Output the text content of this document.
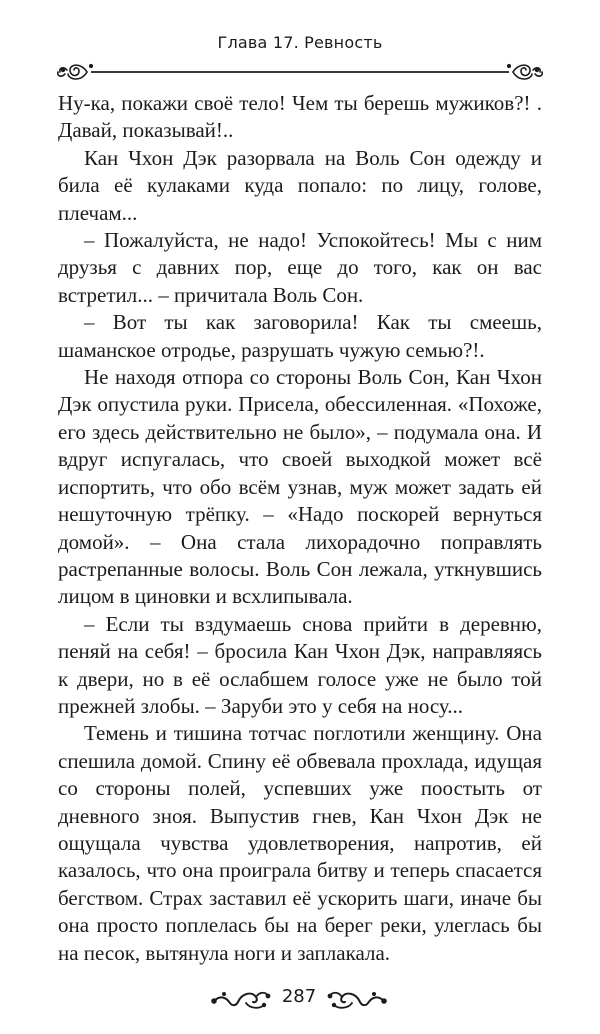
Глава 17. Ревность

Ну-ка, покажи своё тело! Чем ты берешь мужиков?! . Давай, показывай!..

Кан Чхон Дэк разорвала на Воль Сон одежду и била её кулаками куда попало: по лицу, голове, плечам...

– Пожалуйста, не надо! Успокойтесь! Мы с ним друзья с давних пор, еще до того, как он вас встретил... – причитала Воль Сон.

– Вот ты как заговорила! Как ты смеешь, шаманское отродье, разрушать чужую семью?!.

Не находя отпора со стороны Воль Сон, Кан Чхон Дэк опустила руки. Присела, обессиленная. «Похоже, его здесь действительно не было», – подумала она. И вдруг испугалась, что своей выходкой может всё испортить, что обо всём узнав, муж может задать ей нешуточную трёпку. – «Надо поскорей вернуться домой». – Она стала лихорадочно поправлять растрепанные волосы. Воль Сон лежала, уткнувшись лицом в циновки и всхлипывала.

– Если ты вздумаешь снова прийти в деревню, пеняй на себя! – бросила Кан Чхон Дэк, направляясь к двери, но в её ослабшем голосе уже не было той прежней злобы. – Заруби это у себя на носу...

Темень и тишина тотчас поглотили женщину. Она спешила домой. Спину её обвевала прохлада, идущая со стороны полей, успевших уже поостыть от дневного зноя. Выпустив гнев, Кан Чхон Дэк не ощущала чувства удовлетворения, напротив, ей казалось, что она проиграла битву и теперь спасается бегством. Страх заставил её ускорить шаги, иначе бы она просто поплелась бы на берег реки, улеглась бы на песок, вытянула ноги и заплакала.

287
